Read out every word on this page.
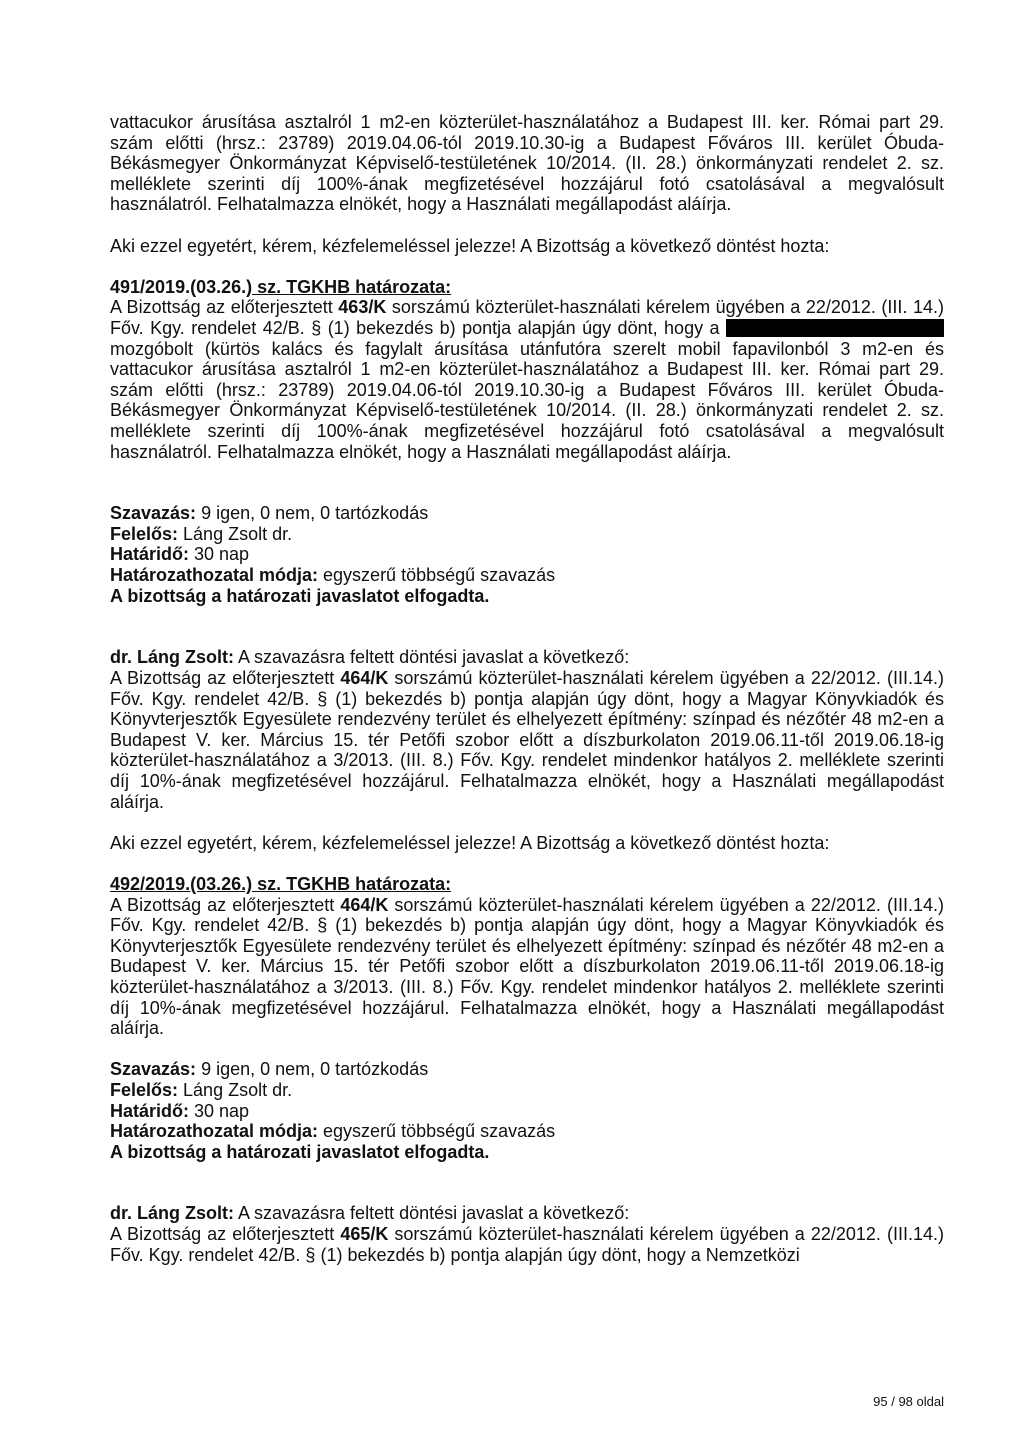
vattacukor árusítása asztalról 1 m2-en közterület-használatához a Budapest III. ker. Római part 29. szám előtti (hrsz.: 23789) 2019.04.06-tól 2019.10.30-ig a Budapest Főváros III. kerület Óbuda-Békásmegyer Önkormányzat Képviselő-testületének 10/2014. (II. 28.) önkormányzati rendelet 2. sz. melléklete szerinti díj 100%-ának megfizetésével hozzájárul fotó csatolásával a megvalósult használatról. Felhatalmazza elnökét, hogy a Használati megállapodást aláírja.

Aki ezzel egyetért, kérem, kézfelemeléssel jelezze! A Bizottság a következő döntést hozta:

491/2019.(03.26.) sz. TGKHB határozata:

A Bizottság az előterjesztett 463/K sorszámú közterület-használati kérelem ügyében a 22/2012. (III. 14.) Főv. Kgy. rendelet 42/B. § (1) bekezdés b) pontja alapján úgy dönt, hogy a  mozgóbolt (kürtös kalács és fagylalt árusítása utánfutóra szerelt mobil fapavilonból 3 m2-en és vattacukor árusítása asztalról 1 m2-en közterület-használatához a Budapest III. ker. Római part 29. szám előtti (hrsz.: 23789) 2019.04.06-tól 2019.10.30-ig a Budapest Főváros III. kerület Óbuda-Békásmegyer Önkormányzat Képviselő-testületének 10/2014. (II. 28.) önkormányzati rendelet 2. sz. melléklete szerinti díj 100%-ának megfizetésével hozzájárul fotó csatolásával a megvalósult használatról. Felhatalmazza elnökét, hogy a Használati megállapodást aláírja.

Szavazás: 9 igen, 0 nem, 0 tartózkodás

Felelős: Láng Zsolt dr.

Határidő: 30 nap

Határozathozatal módja: egyszerű többségű szavazás

A bizottság a határozati javaslatot elfogadta.

dr. Láng Zsolt: A szavazásra feltett döntési javaslat a következő:

A Bizottság az előterjesztett 464/K sorszámú közterület-használati kérelem ügyében a 22/2012. (III.14.) Főv. Kgy. rendelet 42/B. § (1) bekezdés b) pontja alapján úgy dönt, hogy a Magyar Könyvkiadók és Könyvterjesztők Egyesülete rendezvény terület és elhelyezett építmény: színpad és nézőtér 48 m2-en a Budapest V. ker. Március 15. tér Petőfi szobor előtt a díszburkolaton 2019.06.11-től 2019.06.18-ig közterület-használatához a 3/2013. (III. 8.) Főv. Kgy. rendelet mindenkor hatályos 2. melléklete szerinti díj 10%-ának megfizetésével hozzájárul. Felhatalmazza elnökét, hogy a Használati megállapodást aláírja.

Aki ezzel egyetért, kérem, kézfelemeléssel jelezze! A Bizottság a következő döntést hozta:

492/2019.(03.26.) sz. TGKHB határozata:

A Bizottság az előterjesztett 464/K sorszámú közterület-használati kérelem ügyében a 22/2012. (III.14.) Főv. Kgy. rendelet 42/B. § (1) bekezdés b) pontja alapján úgy dönt, hogy a Magyar Könyvkiadók és Könyvterjesztők Egyesülete rendezvény terület és elhelyezett építmény: színpad és nézőtér 48 m2-en a Budapest V. ker. Március 15. tér Petőfi szobor előtt a díszburkolaton 2019.06.11-től 2019.06.18-ig közterület-használatához a 3/2013. (III. 8.) Főv. Kgy. rendelet mindenkor hatályos 2. melléklete szerinti díj 10%-ának megfizetésével hozzájárul. Felhatalmazza elnökét, hogy a Használati megállapodást aláírja.

Szavazás: 9 igen, 0 nem, 0 tartózkodás

Felelős: Láng Zsolt dr.

Határidő: 30 nap

Határozathozatal módja: egyszerű többségű szavazás

A bizottság a határozati javaslatot elfogadta.

dr. Láng Zsolt: A szavazásra feltett döntési javaslat a következő:

A Bizottság az előterjesztett 465/K sorszámú közterület-használati kérelem ügyében a 22/2012. (III.14.) Főv. Kgy. rendelet 42/B. § (1) bekezdés b) pontja alapján úgy dönt, hogy a Nemzetközi

95 / 98 oldal
